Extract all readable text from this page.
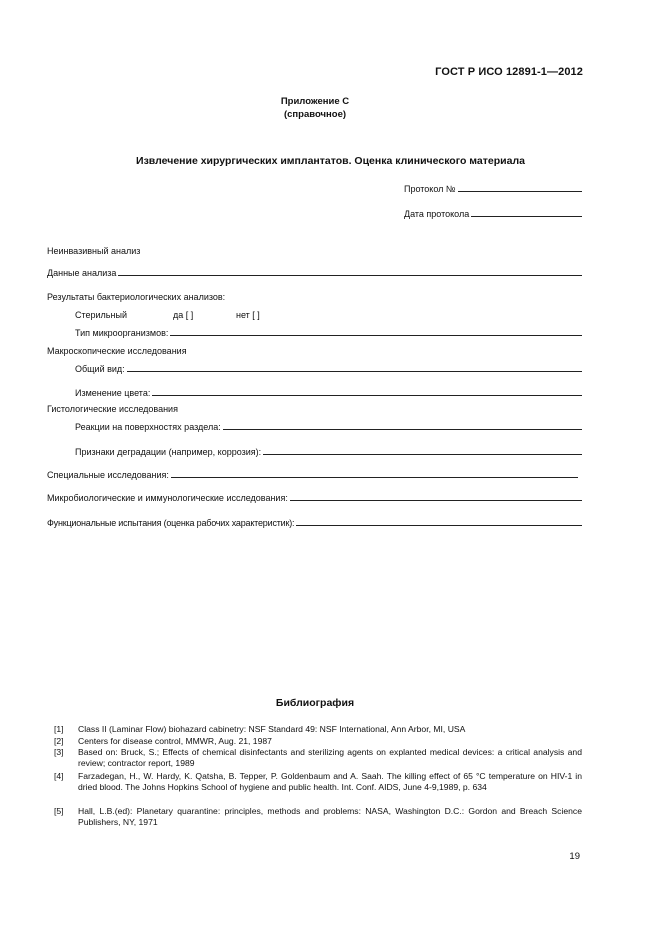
ГОСТ Р ИСО 12891-1—2012
Приложение С
(справочное)
Извлечение хирургических имплантатов. Оценка клинического материала
Протокол №
Дата протокола
Неинвазивный анализ
Данные анализа
Результаты бактериологических анализов:
Стерильный	да [ ]	нет [ ]
Тип микроорганизмов:
Макроскопические исследования
Общий вид:
Изменение цвета:
Гистологические исследования
Реакции на поверхностях раздела:
Признаки деградации (например, коррозия):
Специальные исследования:
Микробиологические и иммунологические исследования:
Функциональные испытания (оценка рабочих характеристик):
Библиография
[1]	Class II (Laminar Flow) biohazard cabinetry: NSF Standard 49: NSF International, Ann Arbor, MI, USA
[2]	Centers for disease control, MMWR, Aug. 21, 1987
[3]	Based on: Bruck, S.; Effects of chemical disinfectants and sterilizing agents on explanted medical devices: a critical analysis and review; contractor report, 1989
[4]	Farzadegan, H., W. Hardy, K. Qatsha, B. Tepper, P. Goldenbaum and A. Saah. The killing effect of 65 °C temperature on HIV-1 in dried blood. The Johns Hopkins School of hygiene and public health. Int. Conf. AIDS, June 4-9,1989, p. 634
[5]	Hall, L.B.(ed): Planetary quarantine: principles, methods and problems: NASA, Washington D.C.: Gordon and Breach Science Publishers, NY, 1971
19
